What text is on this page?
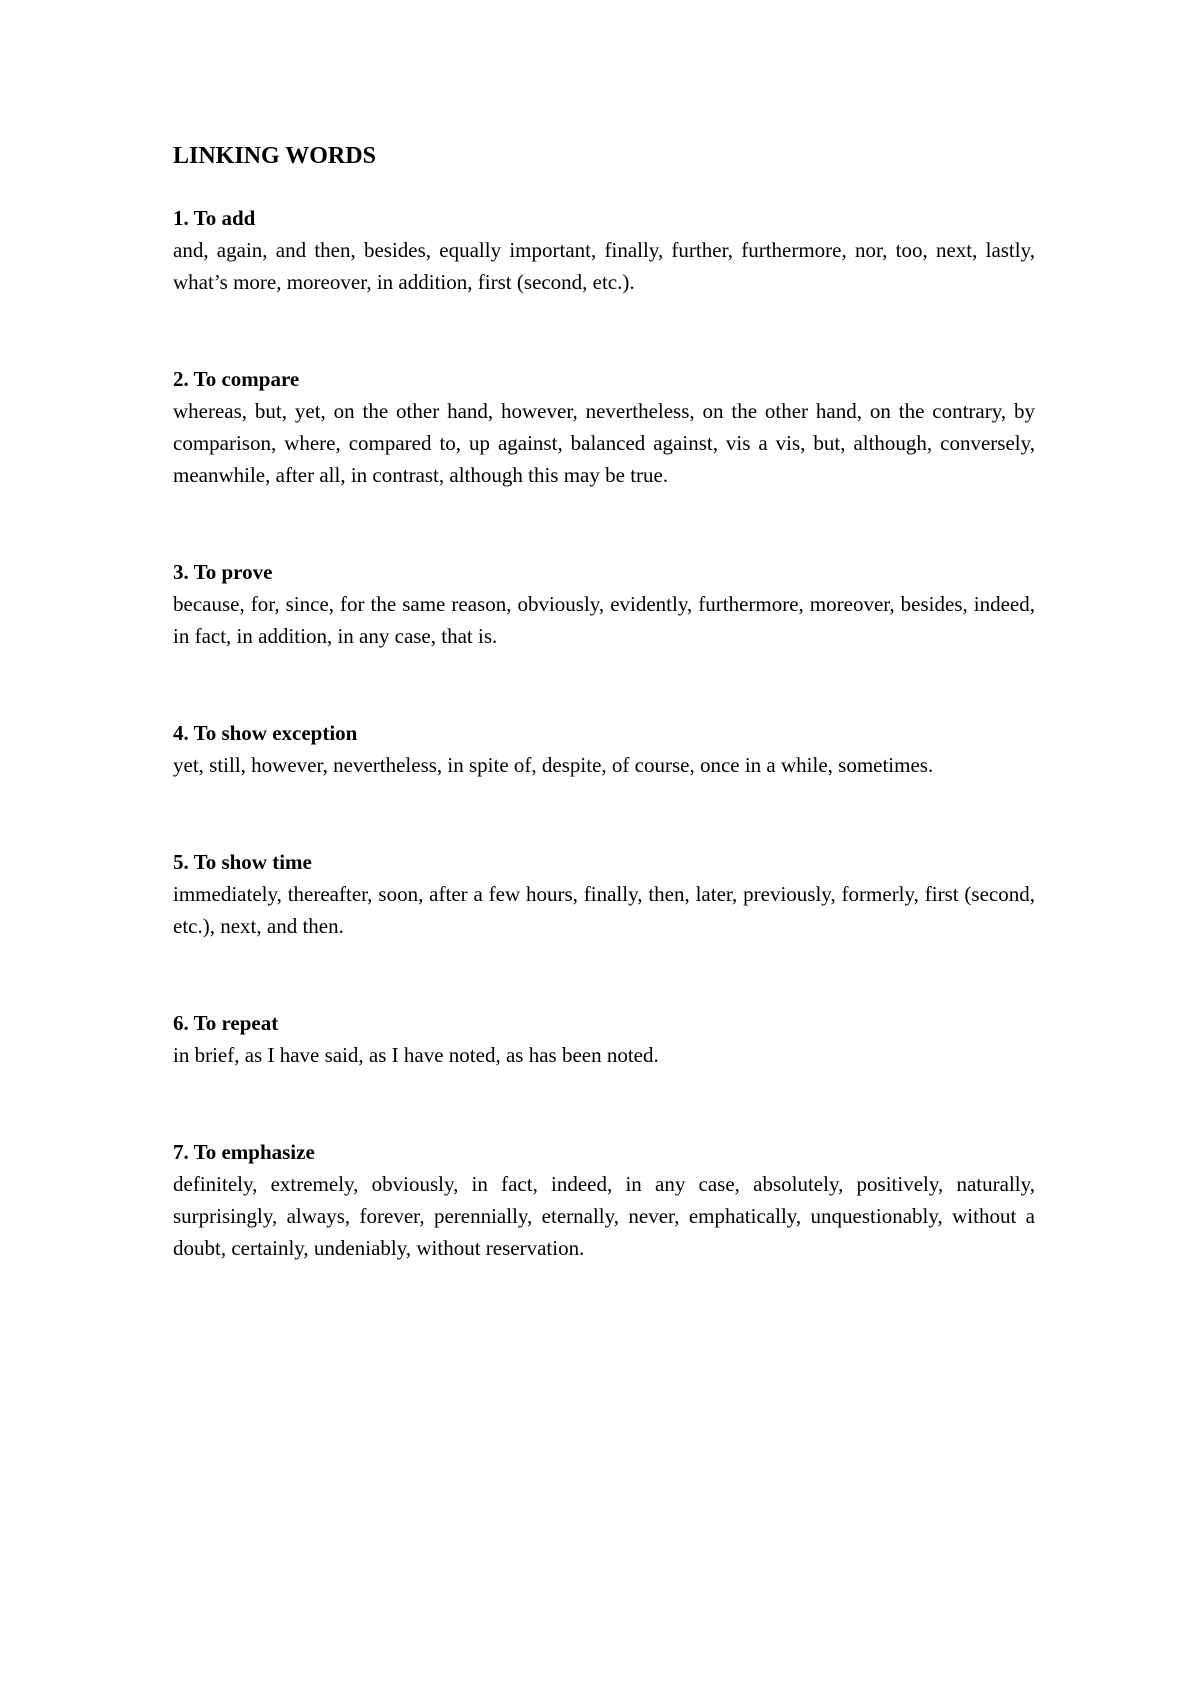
LINKING WORDS

1. To add

and, again, and then, besides, equally important, finally, further, furthermore, nor, too, next, lastly, what’s more, moreover, in addition, first (second, etc.).

2. To compare

whereas, but, yet, on the other hand, however, nevertheless, on the other hand, on the contrary, by comparison, where, compared to, up against, balanced against, vis a vis, but, although, conversely, meanwhile, after all, in contrast, although this may be true.

3. To prove

because, for, since, for the same reason, obviously, evidently, furthermore, moreover, besides, indeed, in fact, in addition, in any case, that is.

4. To show exception

yet, still, however, nevertheless, in spite of, despite, of course, once in a while, sometimes.

5. To show time

immediately, thereafter, soon, after a few hours, finally, then, later, previously, formerly, first (second, etc.), next, and then.

6. To repeat

in brief, as I have said, as I have noted, as has been noted.

7. To emphasize

definitely, extremely, obviously, in fact, indeed, in any case, absolutely, positively, naturally, surprisingly, always, forever, perennially, eternally, never, emphatically, unquestionably, without a doubt, certainly, undeniably, without reservation.
